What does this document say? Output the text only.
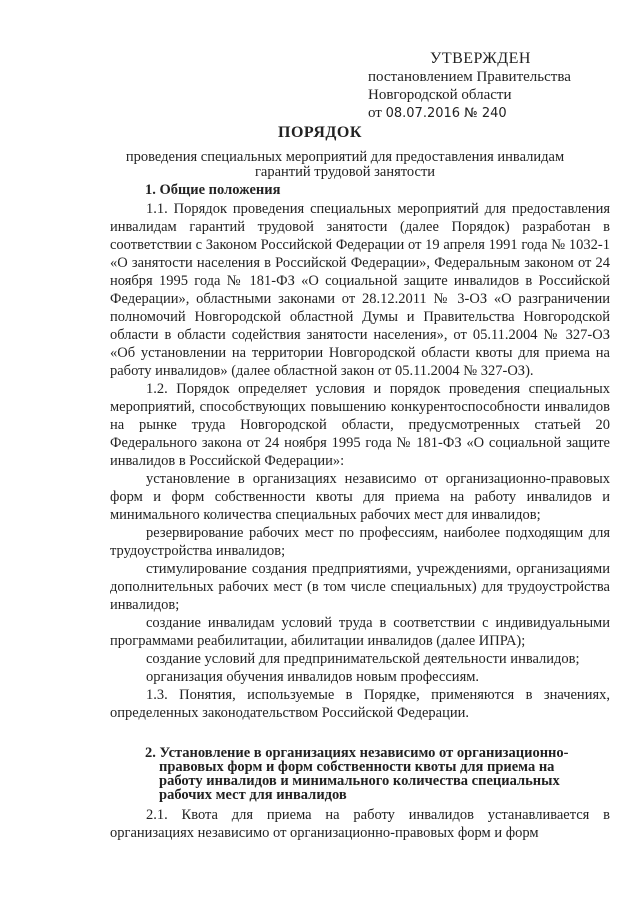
УТВЕРЖДЕН
постановлением Правительства
Новгородской области
от 08.07.2016 № 240
ПОРЯДОК
проведения специальных мероприятий для предоставления инвалидам гарантий трудовой занятости
1. Общие положения

1.1. Порядок проведения специальных мероприятий для предоставления инвалидам гарантий трудовой занятости (далее Порядок) разработан в соответствии с Законом Российской Федерации от 19 апреля 1991 года № 1032-1 «О занятости населения в Российской Федерации», Федеральным законом от 24 ноября 1995 года № 181-ФЗ «О социальной защите инвалидов в Российской Федерации», областными законами от 28.12.2011 № 3-ОЗ «О разграничении полномочий Новгородской областной Думы и Правительства Новгородской области в области содействия занятости населения», от 05.11.2004 № 327-ОЗ «Об установлении на территории Новгородской области квоты для приема на работу инвалидов» (далее областной закон от 05.11.2004 № 327-ОЗ).

1.2. Порядок определяет условия и порядок проведения специальных мероприятий, способствующих повышению конкурентоспособности инвалидов на рынке труда Новгородской области, предусмотренных статьей 20 Федерального закона от 24 ноября 1995 года № 181-ФЗ «О социальной защите инвалидов в Российской Федерации»:

установление в организациях независимо от организационно-правовых форм и форм собственности квоты для приема на работу инвалидов и минимального количества специальных рабочих мест для инвалидов;

резервирование рабочих мест по профессиям, наиболее подходящим для трудоустройства инвалидов;

стимулирование создания предприятиями, учреждениями, организациями дополнительных рабочих мест (в том числе специальных) для трудоустройства инвалидов;

создание инвалидам условий труда в соответствии с индивидуальными программами реабилитации, абилитации инвалидов (далее ИПРА);

создание условий для предпринимательской деятельности инвалидов;

организация обучения инвалидов новым профессиям.

1.3. Понятия, используемые в Порядке, применяются в значениях, определенных законодательством Российской Федерации.

2. Установление в организациях независимо от организационно-
правовых форм и форм собственности квоты для приема на
работу инвалидов и минимального количества специальных
рабочих мест для инвалидов

2.1. Квота для приема на работу инвалидов устанавливается в организациях независимо от организационно-правовых форм и форм
